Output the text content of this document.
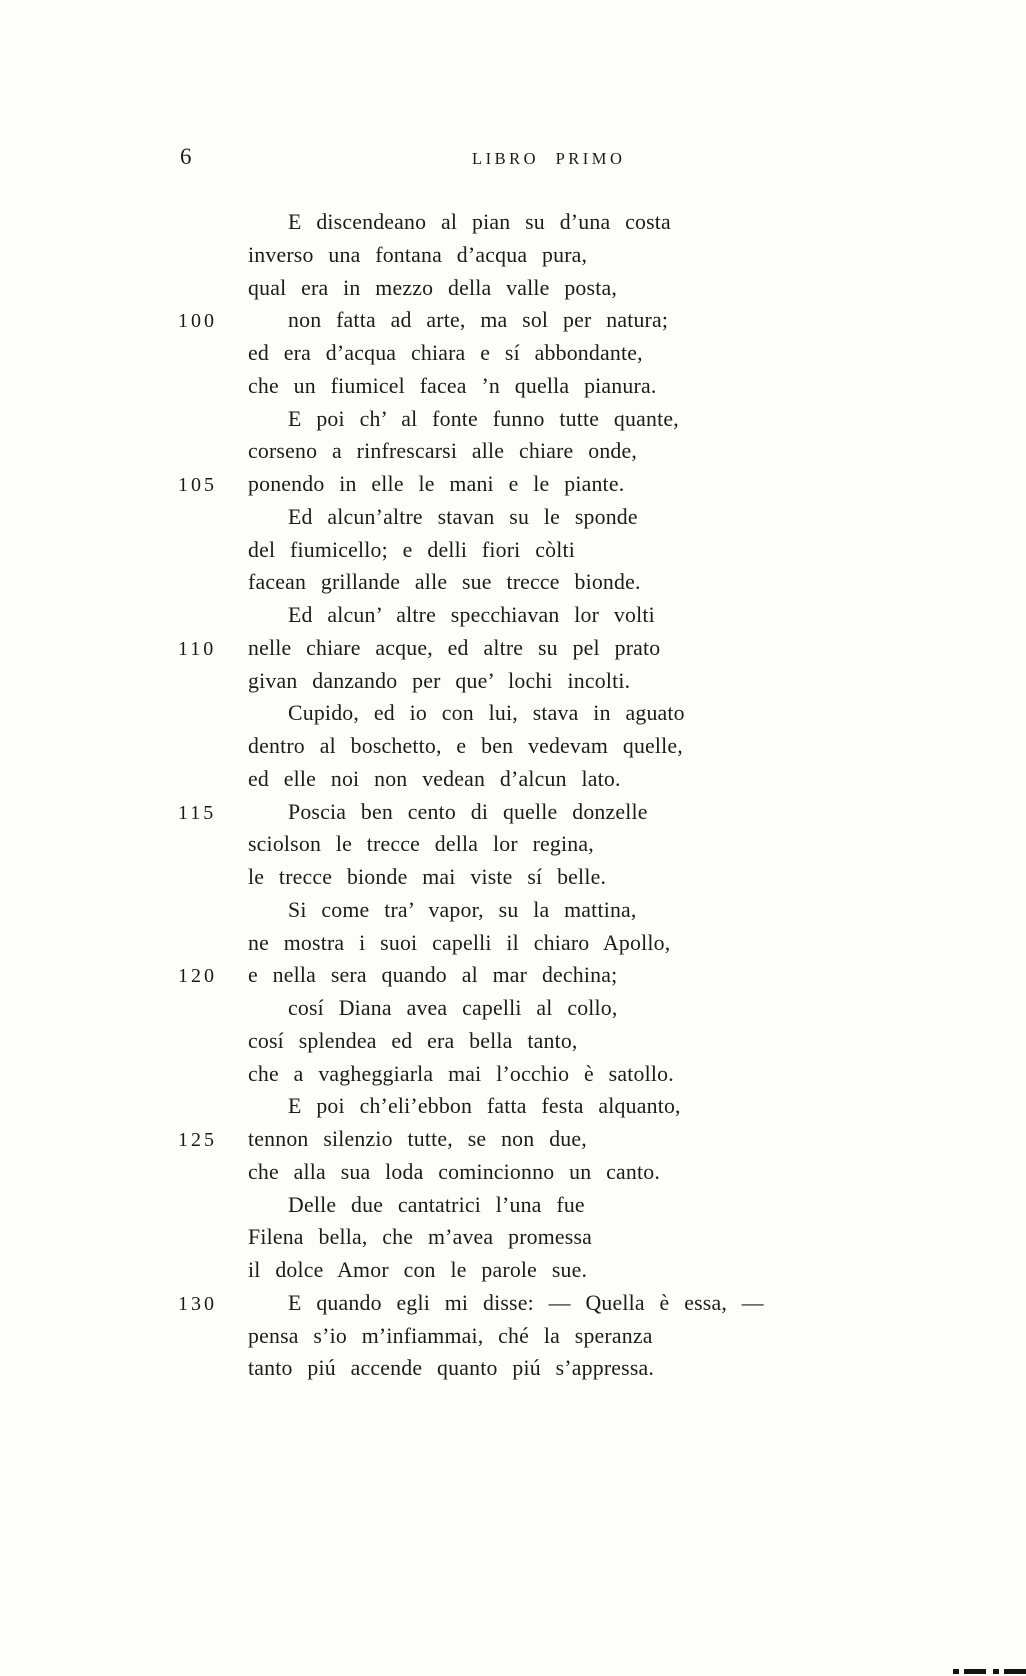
6	LIBRO PRIMO
E discendeano al pian su d’una costa
inverso una fontana d’acqua pura,
qual era in mezzo della valle posta,
100	non fatta ad arte, ma sol per natura;
ed era d’acqua chiara e sí abbondante,
che un fiumicel facea ’n quella pianura.
E poi ch’ al fonte funno tutte quante,
corseno a rinfrescarsi alle chiare onde,
105	ponendo in elle le mani e le piante.
Ed alcun’altre stavan su le sponde
del fiumicello; e delli fiori còlti
facean grillande alle sue trecce bionde.
Ed alcun’ altre specchiavan lor volti
110	nelle chiare acque, ed altre su pel prato
givan danzando per que’ lochi incolti.
Cupido, ed io con lui, stava in aguato
dentro al boschetto, e ben vedevam quelle,
ed elle noi non vedean d’alcun lato.
115	Poscia ben cento di quelle donzelle
sciolson le trecce della lor regina,
le trecce bionde mai viste sí belle.
Si come tra’ vapor, su la mattina,
ne mostra i suoi capelli il chiaro Apollo,
120	e nella sera quando al mar dechina;
cosí Diana avea capelli al collo,
cosí splendea ed era bella tanto,
che a vagheggiarla mai l’occhio è satollo.
E poi ch’eli’ebbon fatta festa alquanto,
125	tennon silenzio tutte, se non due,
che alla sua loda comincionno un canto.
Delle due cantatrici l’una fue
Filena bella, che m’avea promessa
il dolce Amor con le parole sue.
130	E quando egli mi disse: — Quella è essa, —
pensa s’io m’infiammai, ché la speranza
tanto piú accende quanto piú s’appressa.
